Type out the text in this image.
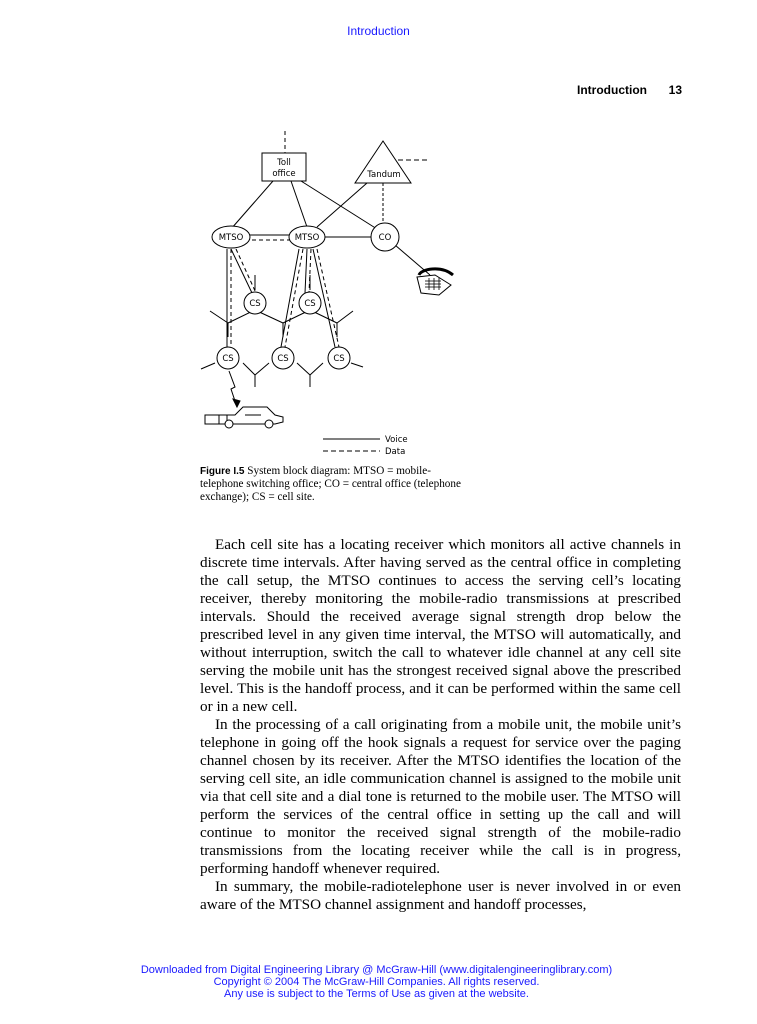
Introduction
Introduction 13
Toll
office	Tandum
MTSO	MTSO	CO
CS	CS
CS	CS	CS
Voice
Data
Figure I.5 System block diagram: MTSO = mobile-telephone switching office; CO = central office (telephone exchange); CS = cell site.

Each cell site has a locating receiver which monitors all active channels in discrete time intervals. After having served as the central office in completing the call setup, the MTSO continues to access the serving cell’s locating receiver, thereby monitoring the mobile-radio transmissions at prescribed intervals. Should the received average signal strength drop below the prescribed level in any given time interval, the MTSO will automatically, and without interruption, switch the call to whatever idle channel at any cell site serving the mobile unit has the strongest received signal above the prescribed level. This is the handoff process, and it can be performed within the same cell or in a new cell.

In the processing of a call originating from a mobile unit, the mobile unit’s telephone in going off the hook signals a request for service over the paging channel chosen by its receiver. After the MTSO identifies the location of the serving cell site, an idle communication channel is assigned to the mobile unit via that cell site and a dial tone is returned to the mobile user. The MTSO will perform the services of the central office in setting up the call and will continue to monitor the received signal strength of the mobile-radio transmissions from the locating receiver while the call is in progress, performing handoff whenever required.

In summary, the mobile-radiotelephone user is never involved in or even aware of the MTSO channel assignment and handoff processes,

Downloaded from Digital Engineering Library @ McGraw-Hill (www.digitalengineeringlibrary.com)
Copyright © 2004 The McGraw-Hill Companies. All rights reserved.
Any use is subject to the Terms of Use as given at the website.
